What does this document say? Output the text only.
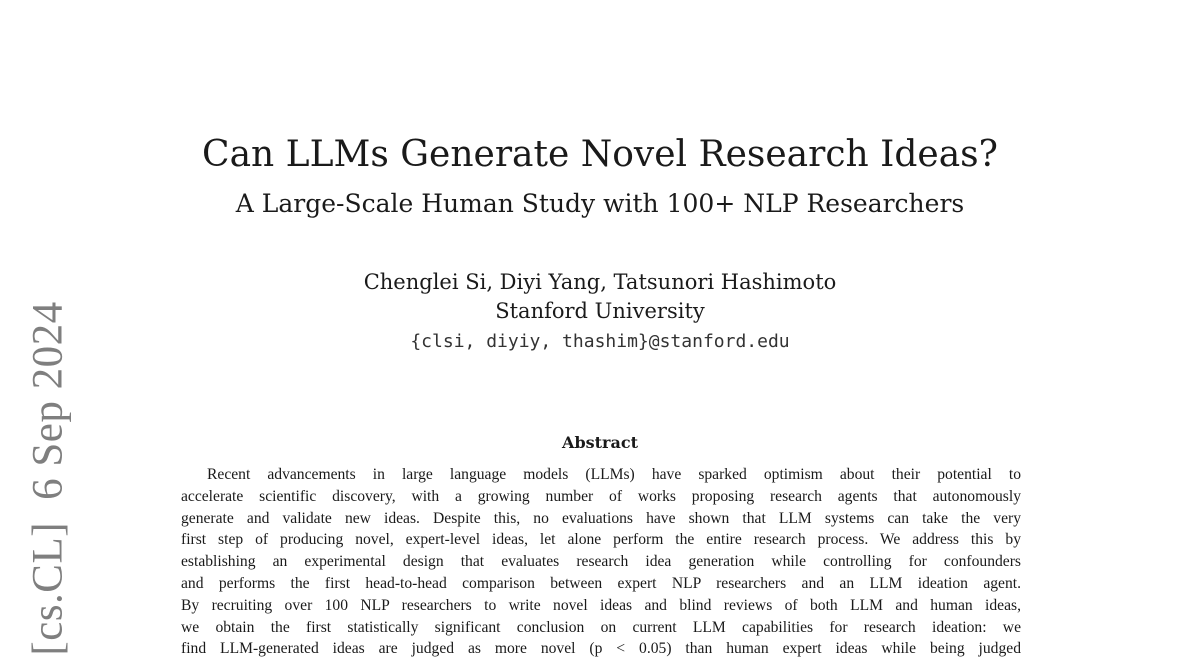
[cs.CL]6 Sep 2024
Can LLMs Generate Novel Research Ideas?
A Large-Scale Human Study with 100+ NLP Researchers
Chenglei Si, Diyi Yang, Tatsunori Hashimoto
Stanford University
{clsi, diyiy, thashim}@stanford.edu
Abstract
Recent advancements in large language models (LLMs) have sparked optimism about their potential to
accelerate scientific discovery, with a growing number of works proposing research agents that autonomously
generate and validate new ideas. Despite this, no evaluations have shown that LLM systems can take the very
first step of producing novel, expert-level ideas, let alone perform the entire research process. We address this by
establishing an experimental design that evaluates research idea generation while controlling for confounders
and performs the first head-to-head comparison between expert NLP researchers and an LLM ideation agent.
By recruiting over 100 NLP researchers to write novel ideas and blind reviews of both LLM and human ideas,
we obtain the first statistically significant conclusion on current LLM capabilities for research ideation: we
find LLM-generated ideas are judged as more novel (p < 0.05) than human expert ideas while being judged
